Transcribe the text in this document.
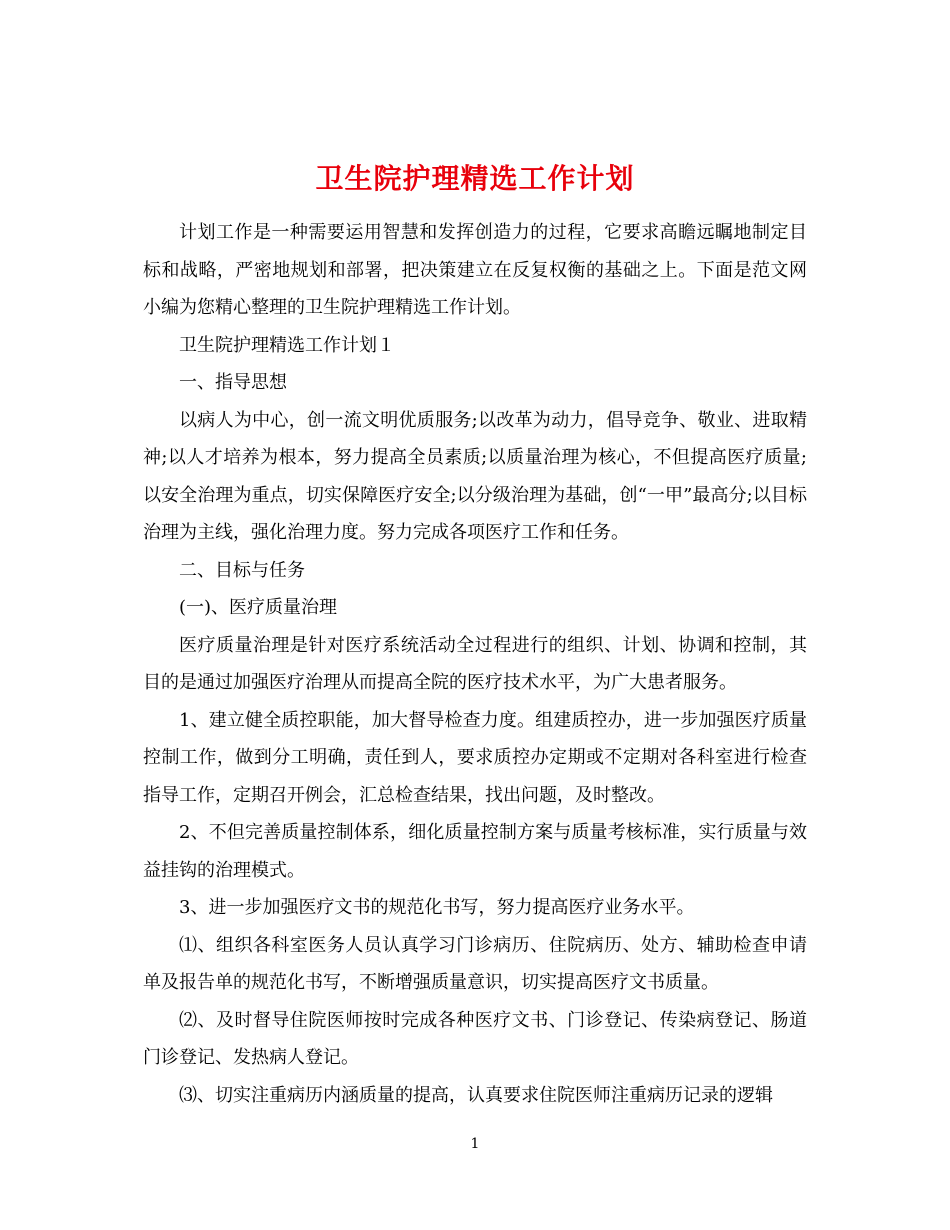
卫生院护理精选工作计划

计划工作是一种需要运用智慧和发挥创造力的过程，它要求高瞻远瞩地制定目标和战略，严密地规划和部署，把决策建立在反复权衡的基础之上。下面是范文网小编为您精心整理的卫生院护理精选工作计划。

卫生院护理精选工作计划１

一、指导思想

以病人为中心，创一流文明优质服务;以改革为动力，倡导竞争、敬业、进取精神;以人才培养为根本，努力提高全员素质;以质量治理为核心，不但提高医疗质量;以安全治理为重点，切实保障医疗安全;以分级治理为基础，创“一甲”最高分;以目标治理为主线，强化治理力度。努力完成各项医疗工作和任务。

二、目标与任务

(一)、医疗质量治理

医疗质量治理是针对医疗系统活动全过程进行的组织、计划、协调和控制，其目的是通过加强医疗治理从而提高全院的医疗技术水平，为广大患者服务。

1、建立健全质控职能，加大督导检查力度。组建质控办，进一步加强医疗质量控制工作，做到分工明确，责任到人，要求质控办定期或不定期对各科室进行检查指导工作，定期召开例会，汇总检查结果，找出问题，及时整改。

2、不但完善质量控制体系，细化质量控制方案与质量考核标准，实行质量与效益挂钩的治理模式。

3、进一步加强医疗文书的规范化书写，努力提高医疗业务水平。

⑴、组织各科室医务人员认真学习门诊病历、住院病历、处方、辅助检查申请单及报告单的规范化书写，不断增强质量意识，切实提高医疗文书质量。

⑵、及时督导住院医师按时完成各种医疗文书、门诊登记、传染病登记、肠道门诊登记、发热病人登记。

⑶、切实注重病历内涵质量的提高，认真要求住院医师注重病历记录的逻辑

1
